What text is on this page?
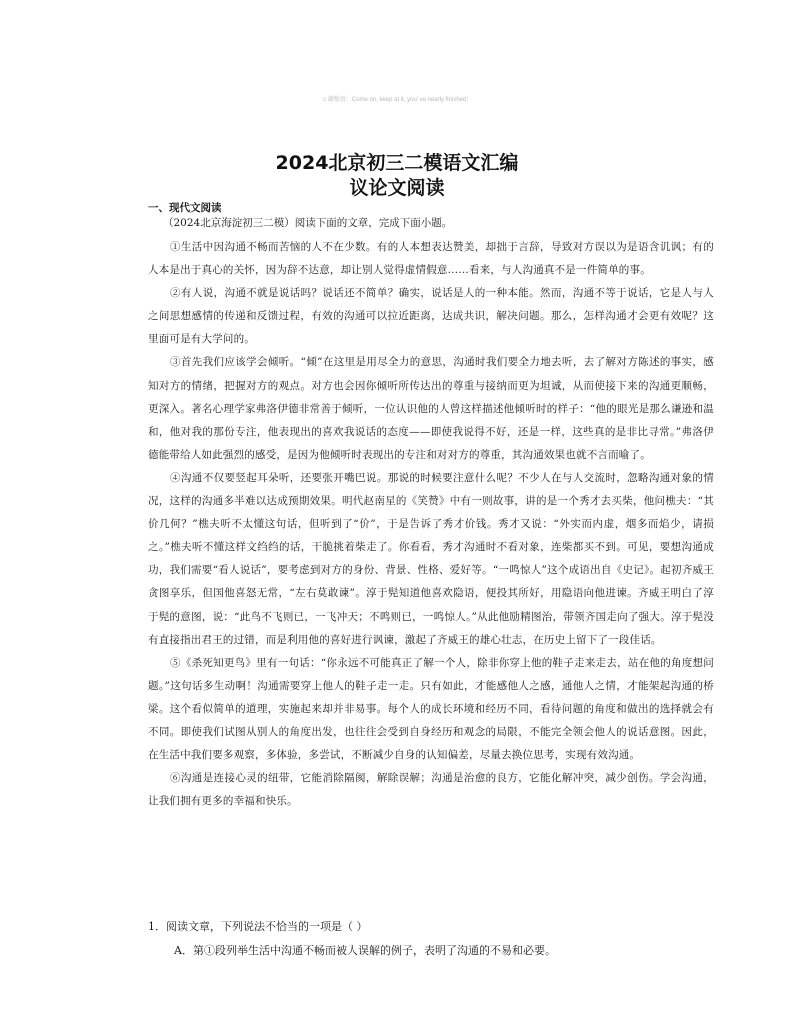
☺激励语：Come on, keep at it, you' ve nearly finished！
2024北京初三二模语文汇编
议论文阅读
一、现代文阅读
（2024北京海淀初三二模）阅读下面的文章，完成下面小题。

①生活中因沟通不畅而苦恼的人不在少数。有的人本想表达赞美，却拙于言辞，导致对方误以为是语含讥讽；有的人本是出于真心的关怀，因为辞不达意，却让别人觉得虚情假意……看来，与人沟通真不是一件简单的事。

②有人说，沟通不就是说话吗？说话还不简单？确实，说话是人的一种本能。然而，沟通不等于说话，它是人与人之间思想感情的传递和反馈过程，有效的沟通可以拉近距离，达成共识，解决问题。那么，怎样沟通才会更有效呢？这里面可是有大学问的。

③首先我们应该学会倾听。“倾”在这里是用尽全力的意思，沟通时我们要全力地去听，去了解对方陈述的事实，感知对方的情绪，把握对方的观点。对方也会因你倾听所传达出的尊重与接纳而更为坦诚，从而使接下来的沟通更顺畅，更深入。著名心理学家弗洛伊德非常善于倾听，一位认识他的人曾这样描述他倾听时的样子：“他的眼光是那么谦逊和温和，他对我的那份专注，他表现出的喜欢我说话的态度——即使我说得不好，还是一样，这些真的是非比寻常。”弗洛伊德能带给人如此强烈的感受，是因为他倾听时表现出的专注和对对方的尊重，其沟通效果也就不言而喻了。

④沟通不仅要竖起耳朵听，还要张开嘴巴说。那说的时候要注意什么呢？不少人在与人交流时，忽略沟通对象的情况，这样的沟通多半难以达成预期效果。明代赵南星的《笑赞》中有一则故事，讲的是一个秀才去买柴，他问樵夫：“其价几何？”樵夫听不太懂这句话，但听到了“价”，于是告诉了秀才价钱。秀才又说：“外实而内虚，烟多而焰少，请损之。”樵夫听不懂这样文绉绉的话，干脆挑着柴走了。你看看，秀才沟通时不看对象，连柴都买不到。可见，要想沟通成功，我们需要“看人说话”，要考虑到对方的身份、背景、性格、爱好等。“一鸣惊人”这个成语出自《史记》。起初齐威王贪图享乐，但国他喜怒无常，“左右莫敢谏”。淳于髡知道他喜欢隐语，便投其所好，用隐语向他进谏。齐威王明白了淳于髡的意图，说：“此鸟不飞则已，一飞冲天；不鸣则已，一鸣惊人。”从此他励精图治，带领齐国走向了强大。淳于髡没有直接指出君王的过错，而是利用他的喜好进行讽谏，激起了齐威王的雄心壮志，在历史上留下了一段佳话。

⑤《杀死知更鸟》里有一句话：“你永远不可能真正了解一个人，除非你穿上他的鞋子走来走去，站在他的角度想问题。”这句话多生动啊！沟通需要穿上他人的鞋子走一走。只有如此，才能感他人之感，通他人之情，才能架起沟通的桥梁。这个看似简单的道理，实施起来却并非易事。每个人的成长环境和经历不同，看待问题的角度和做出的选择就会有不同。即使我们试图从别人的角度出发，也往往会受到自身经历和观念的局限，不能完全领会他人的说话意图。因此，在生活中我们要多观察，多体验，多尝试，不断减少自身的认知偏差，尽量去换位思考，实现有效沟通。

⑥沟通是连接心灵的纽带，它能消除隔阂，解除误解；沟通是治愈的良方，它能化解冲突，减少创伤。学会沟通，让我们拥有更多的幸福和快乐。

1．阅读文章，下列说法不恰当的一项是（ ）
A．第①段列举生活中沟通不畅而被人误解的例子，表明了沟通的不易和必要。
